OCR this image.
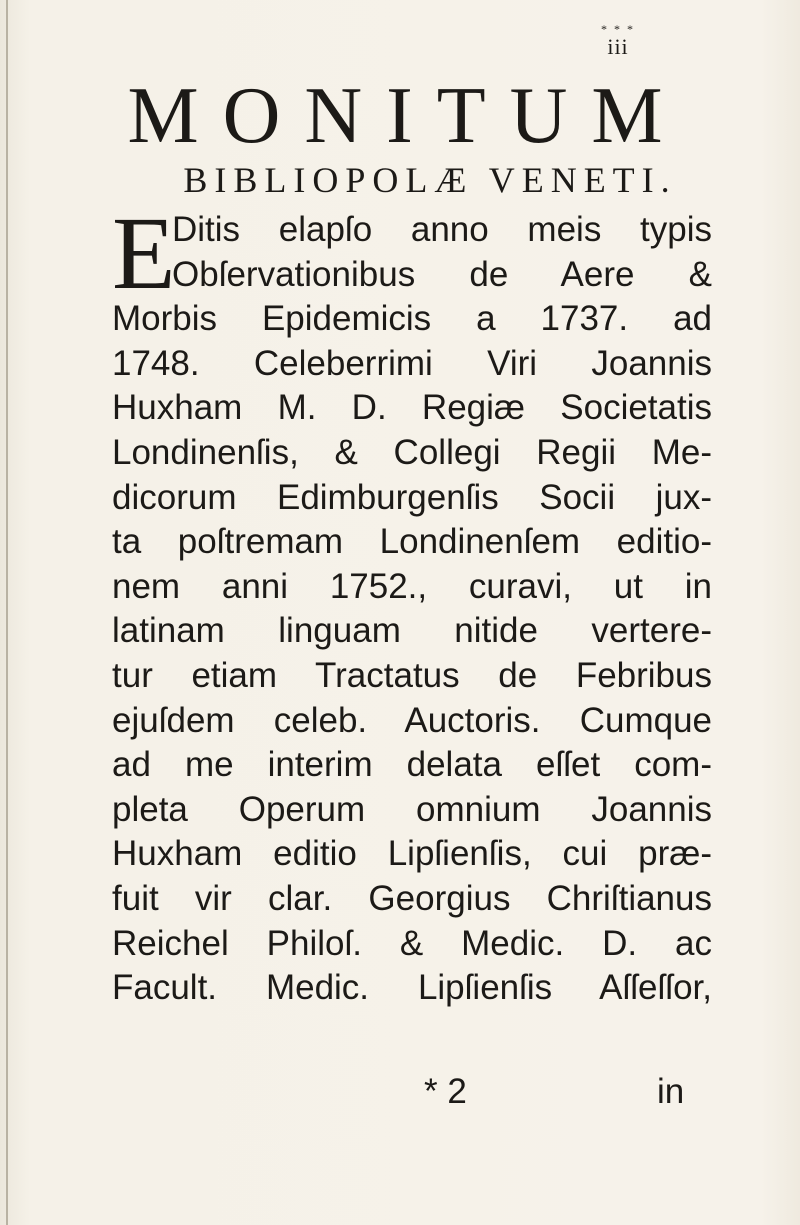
* * *
iii
MONITUM
BIBLIOPOLÆ VENETI.
E
Ditis elapſo anno meis typis
Obſervationibus de Aere &
Morbis Epidemicis a 1737. ad
1748. Celeberrimi Viri Joannis
Huxham M. D. Regiæ Societatis
Londinenſis, & Collegi Regii Me-
dicorum Edimburgenſis Socii jux-
ta poſtremam Londinenſem editio-
nem anni 1752., curavi, ut in
latinam linguam nitide vertere-
tur etiam Tractatus de Febribus
ejuſdem celeb. Auctoris. Cumque
ad me interim delata eſſet com-
pleta Operum omnium Joannis
Huxham editio Lipſienſis, cui præ-
fuit vir clar. Georgius Chriſtianus
Reichel Philoſ. & Medic. D. ac
Facult. Medic. Lipſienſis Aſſeſſor,
* 2	in
